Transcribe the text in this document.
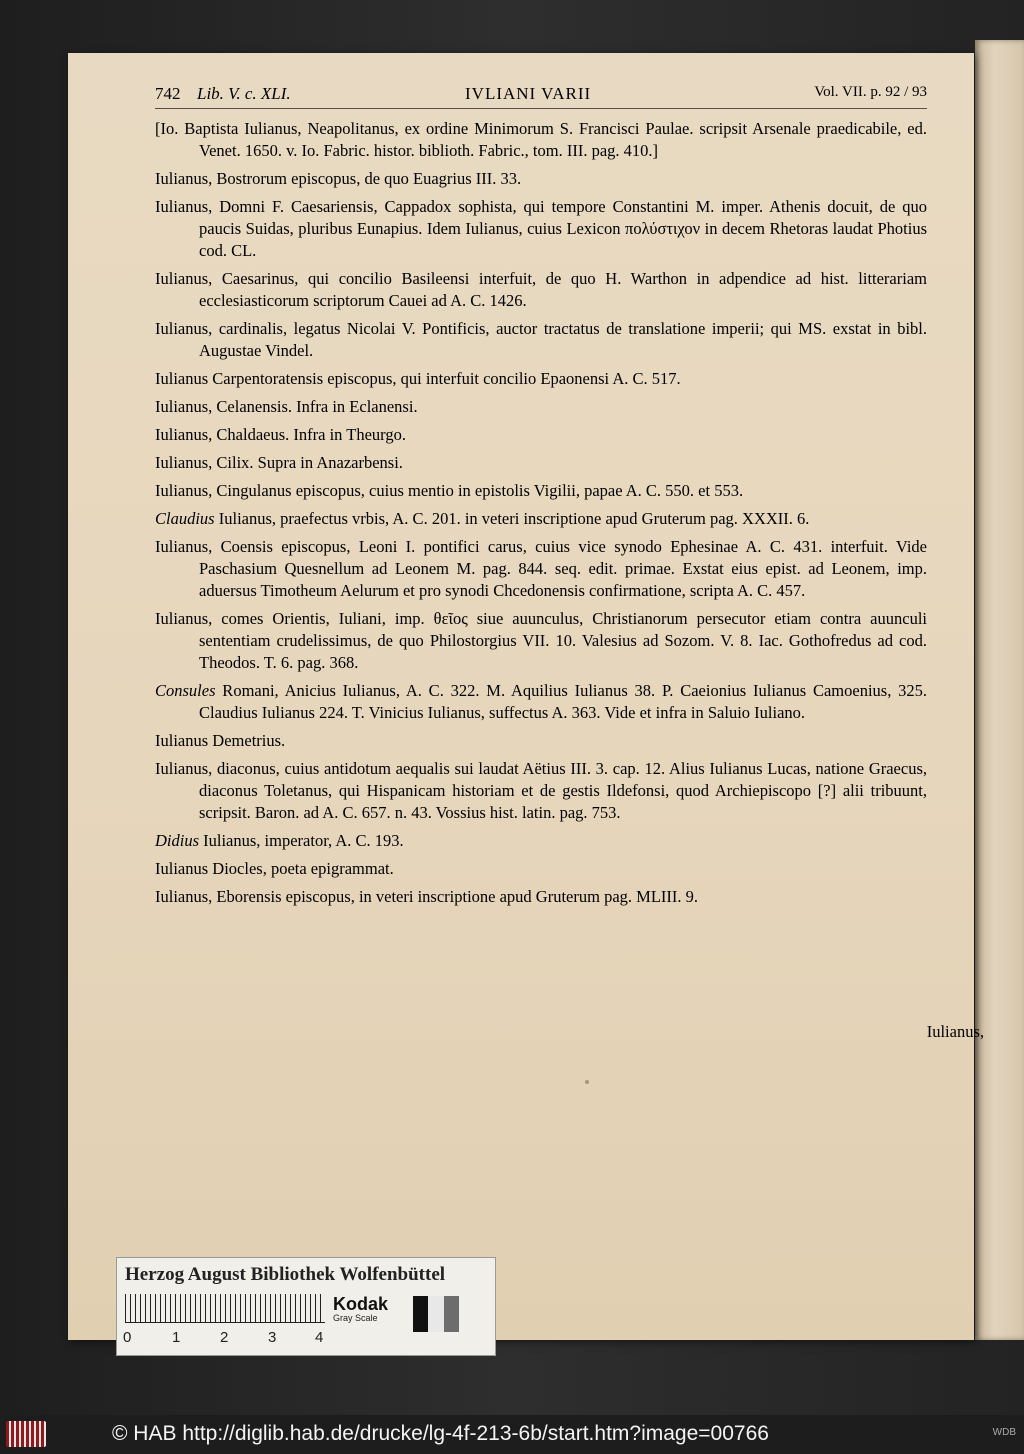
742 Lib. V. c. XLI.	IVLIANI VARII	Vol. VII. p. 92 / 93

[Io. Baptista Iulianus, Neapolitanus, ex ordine Minimorum S. Francisci Paulae. scripsit Arsenale praedicabile, ed. Venet. 1650. v. Io. Fabric. histor. biblioth. Fabric., tom. III. pag. 410.]

Iulianus, Bostrorum episcopus, de quo Euagrius III. 33.

Iulianus, Domni F. Caesariensis, Cappadox sophista, qui tempore Constantini M. imper. Athenis docuit, de quo paucis Suidas, pluribus Eunapius. Idem Iulianus, cuius Lexicon πολύστιχον in decem Rhetoras laudat Photius cod. CL.

Iulianus, Caesarinus, qui concilio Basileensi interfuit, de quo H. Warthon in adpendice ad hist. litterariam ecclesiasticorum scriptorum Cauei ad A. C. 1426.

Iulianus, cardinalis, legatus Nicolai V. Pontificis, auctor tractatus de translatione imperii; qui MS. exstat in bibl. Augustae Vindel.

Iulianus Carpentoratensis episcopus, qui interfuit concilio Epaonensi A. C. 517.

Iulianus, Celanensis. Infra in Eclanensi.

Iulianus, Chaldaeus. Infra in Theurgo.

Iulianus, Cilix. Supra in Anazarbensi.

Iulianus, Cingulanus episcopus, cuius mentio in epistolis Vigilii, papae A. C. 550. et 553.

Claudius Iulianus, praefectus vrbis, A. C. 201. in veteri inscriptione apud Gruterum pag. XXXII. 6.

Iulianus, Coensis episcopus, Leoni I. pontifici carus, cuius vice synodo Ephesinae A. C. 431. interfuit. Vide Paschasium Quesnellum ad Leonem M. pag. 844. seq. edit. primae. Exstat eius epist. ad Leonem, imp. aduersus Timotheum Aelurum et pro synodi Chcedonensis confirmatione, scripta A. C. 457.

Iulianus, comes Orientis, Iuliani, imp. θεῖος siue auunculus, Christianorum persecutor etiam contra auunculi sententiam crudelissimus, de quo Philostorgius VII. 10. Valesius ad Sozom. V. 8. Iac. Gothofredus ad cod. Theodos. T. 6. pag. 368.

Consules Romani, Anicius Iulianus, A. C. 322. M. Aquilius Iulianus 38. P. Caeionius Iulianus Camoenius, 325. Claudius Iulianus 224. T. Vinicius Iulianus, suffectus A. 363. Vide et infra in Saluio Iuliano.

Iulianus Demetrius.

Iulianus, diaconus, cuius antidotum aequalis sui laudat Aëtius III. 3. cap. 12. Alius Iulianus Lucas, natione Graecus, diaconus Toletanus, qui Hispanicam historiam et de gestis Ildefonsi, quod Archiepiscopo [?] alii tribuunt, scripsit. Baron. ad A. C. 657. n. 43. Vossius hist. latin. pag. 753.

Didius Iulianus, imperator, A. C. 193.

Iulianus Diocles, poeta epigrammat.

Iulianus, Eborensis episcopus, in veteri inscriptione apud Gruterum pag. MLIII. 9.

Iulianus,
Herzog August Bibliothek Wolfenbüttel
0	1	2	3	4
Kodak
Gray Scale
© HAB http://diglib.hab.de/drucke/lg-4f-213-6b/start.htm?image=00766	WDB
